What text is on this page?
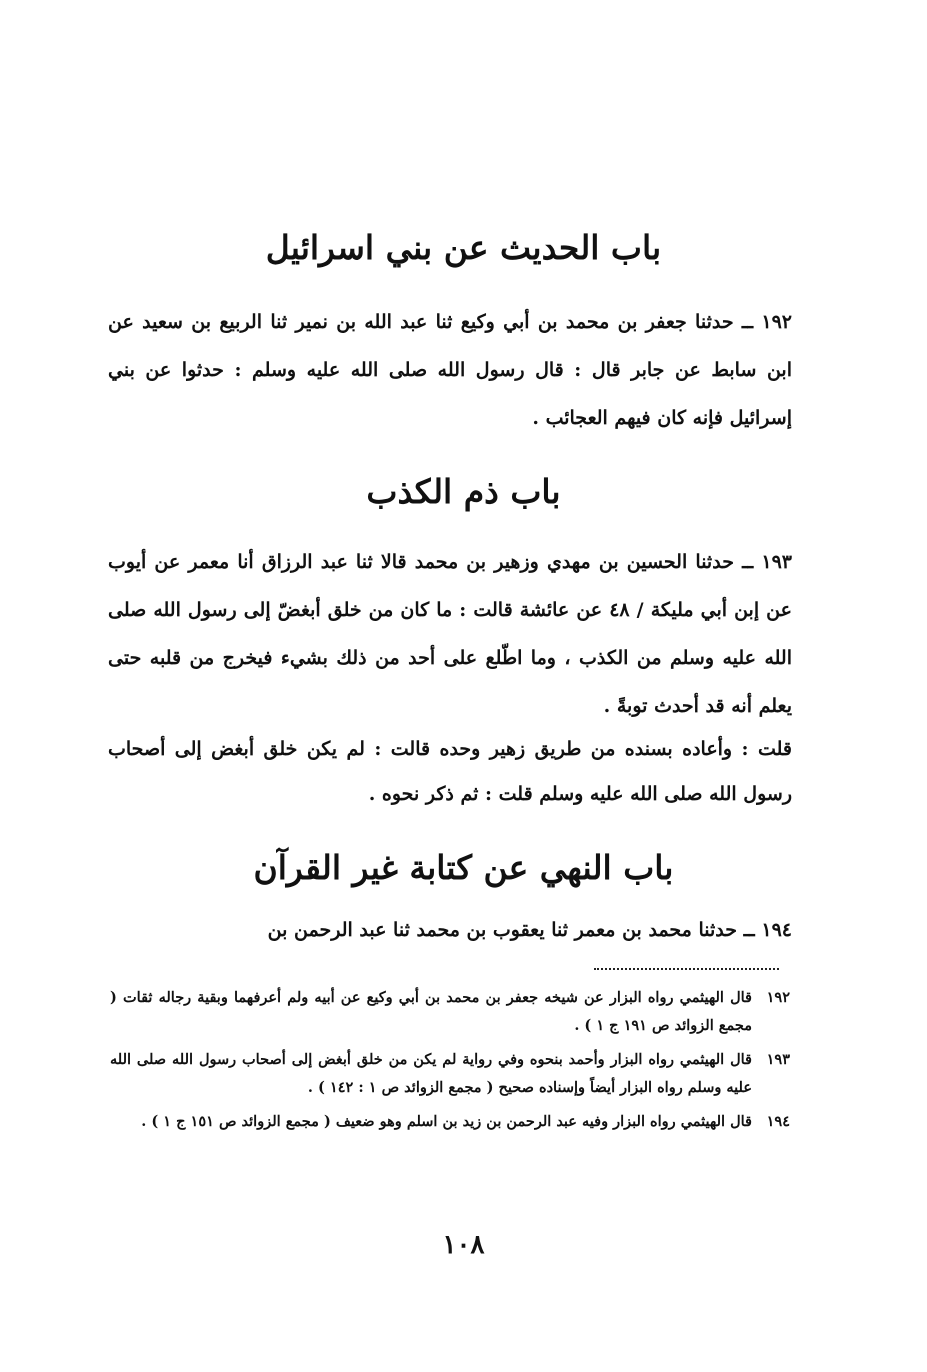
باب الحديث عن بني اسرائيل
١٩٢ ــ حدثنا جعفر بن محمد بن أبي وكيع ثنا عبد الله بن نمير ثنا الربيع بن سعيد عن ابن سابط عن جابر قال : قال رسول الله صلى الله عليه وسلم : حدثوا عن بني إسرائيل فإنه كان فيهم العجائب .
باب ذم الكذب
١٩٣ ــ حدثنا الحسين بن مهدي وزهير بن محمد قالا ثنا عبد الرزاق أنا معمر عن أيوب عن إبن أبي مليكة / ٤٨ عن عائشة قالت : ما كان من خلق أبغضّ إلى رسول الله صلى الله عليه وسلم من الكذب ، وما اطّلع على أحد من ذلك بشيء فيخرج من قلبه حتى يعلم أنه قد أحدث توبةً .
قلت : وأعاده بسنده من طريق زهير وحده قالت : لم يكن خلق أبغض إلى أصحاب رسول الله صلى الله عليه وسلم قلت : ثم ذكر نحوه .
باب النهي عن كتابة غير القرآن
١٩٤ ــ حدثنا محمد بن معمر ثنا يعقوب بن محمد ثنا عبد الرحمن بن
١٩٢
قال الهيثمي رواه البزار عن شيخه جعفر بن محمد بن أبي وكيع عن أبيه ولم أعرفهما وبقية رجاله ثقات ( مجمع الزوائد ص ١٩١ ج ١ ) .
١٩٣
قال الهيثمي رواه البزار وأحمد بنحوه وفي رواية لم يكن من خلق أبغض إلى أصحاب رسول الله صلى الله عليه وسلم رواه البزار أيضاً وإسناده صحيح ( مجمع الزوائد ص ١ : ١٤٢ ) .
١٩٤
قال الهيثمي رواه البزار وفيه عبد الرحمن بن زيد بن اسلم وهو ضعيف ( مجمع الزوائد ص ١٥١ ج ١ ) .
١٠٨
